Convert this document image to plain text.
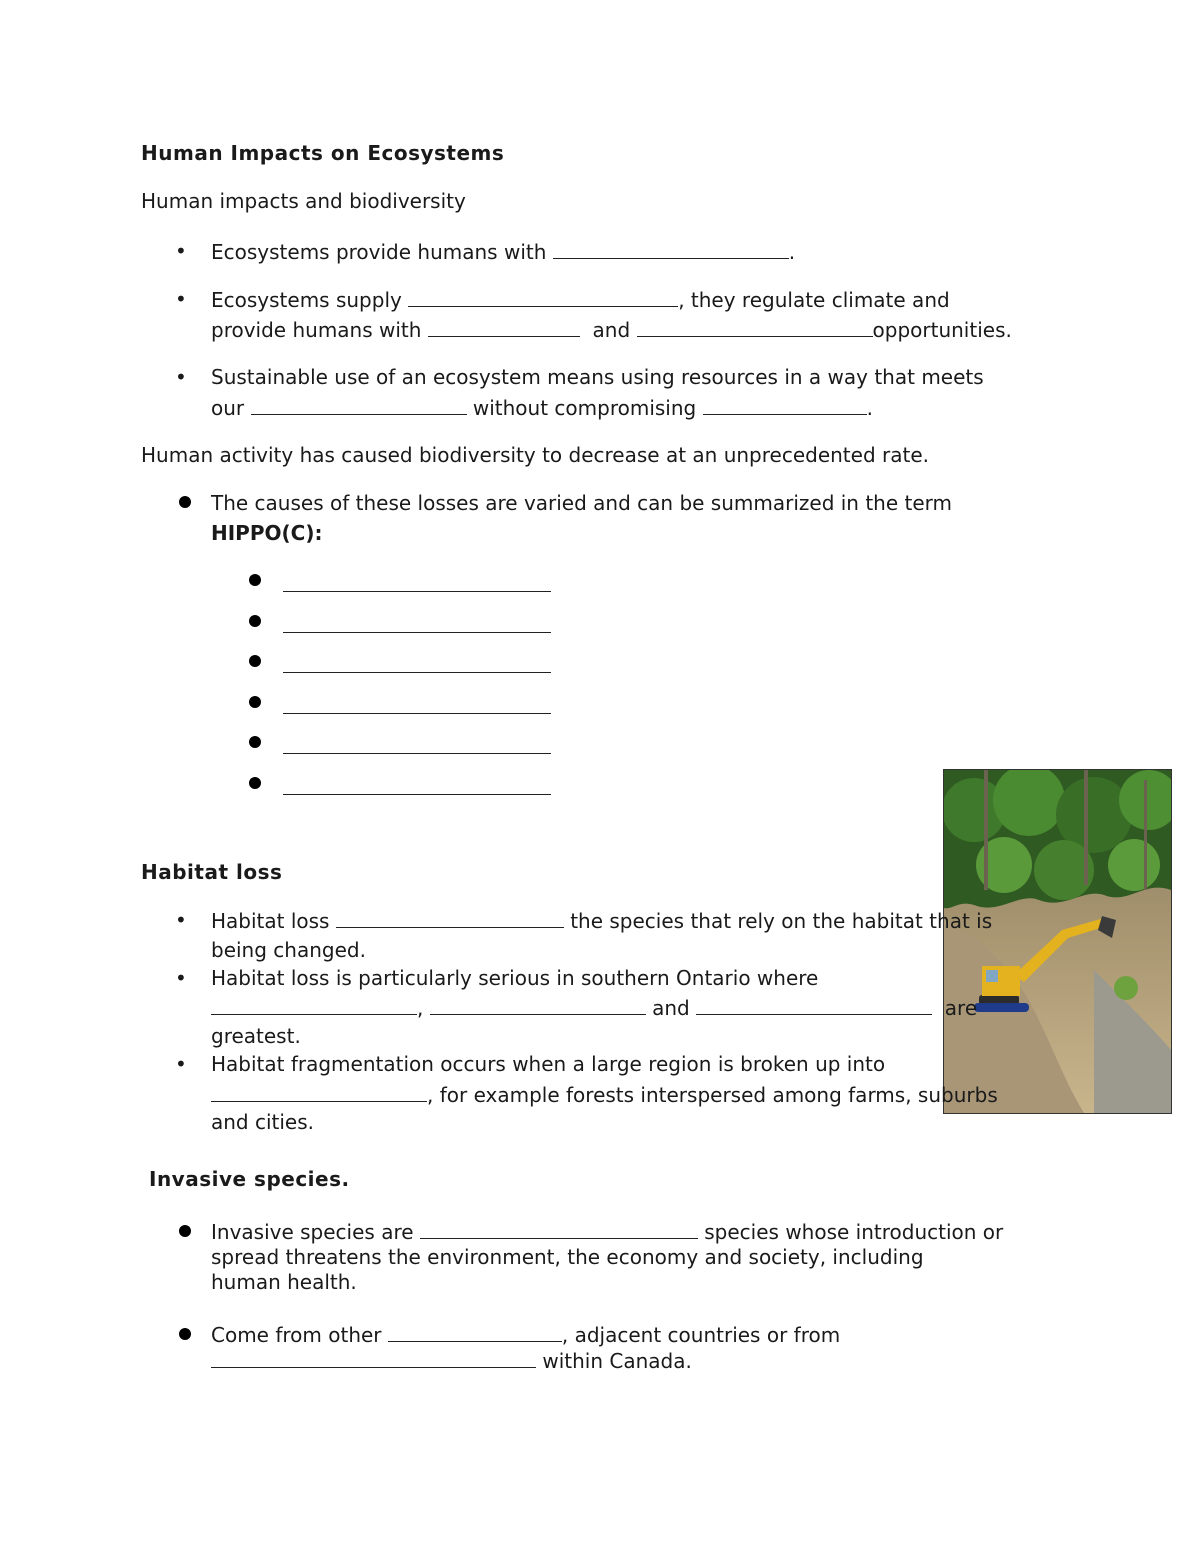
Human Impacts on Ecosystems
Human impacts and biodiversity
• Ecosystems provide humans with	.
• Ecosystems supply	, they regulate climate and
provide humans with	and	opportunities.
• Sustainable use of an ecosystem means using resources in a way that meets
our	without compromising	.
Human activity has caused biodiversity to decrease at an unprecedented rate.
The causes of these losses are varied and can be summarized in the term
HIPPO(C):
Habitat loss
• Habitat loss	the species that rely on the habitat that is
being changed.
• Habitat loss is particularly serious in southern Ontario where
,	and	are
greatest.
• Habitat fragmentation occurs when a large region is broken up into
, for example forests interspersed among farms, suburbs
and cities.
Invasive species.
Invasive species are	species whose introduction or
spread threatens the environment, the economy and society, including
human health.
Come from other	, adjacent countries or from
within Canada.
